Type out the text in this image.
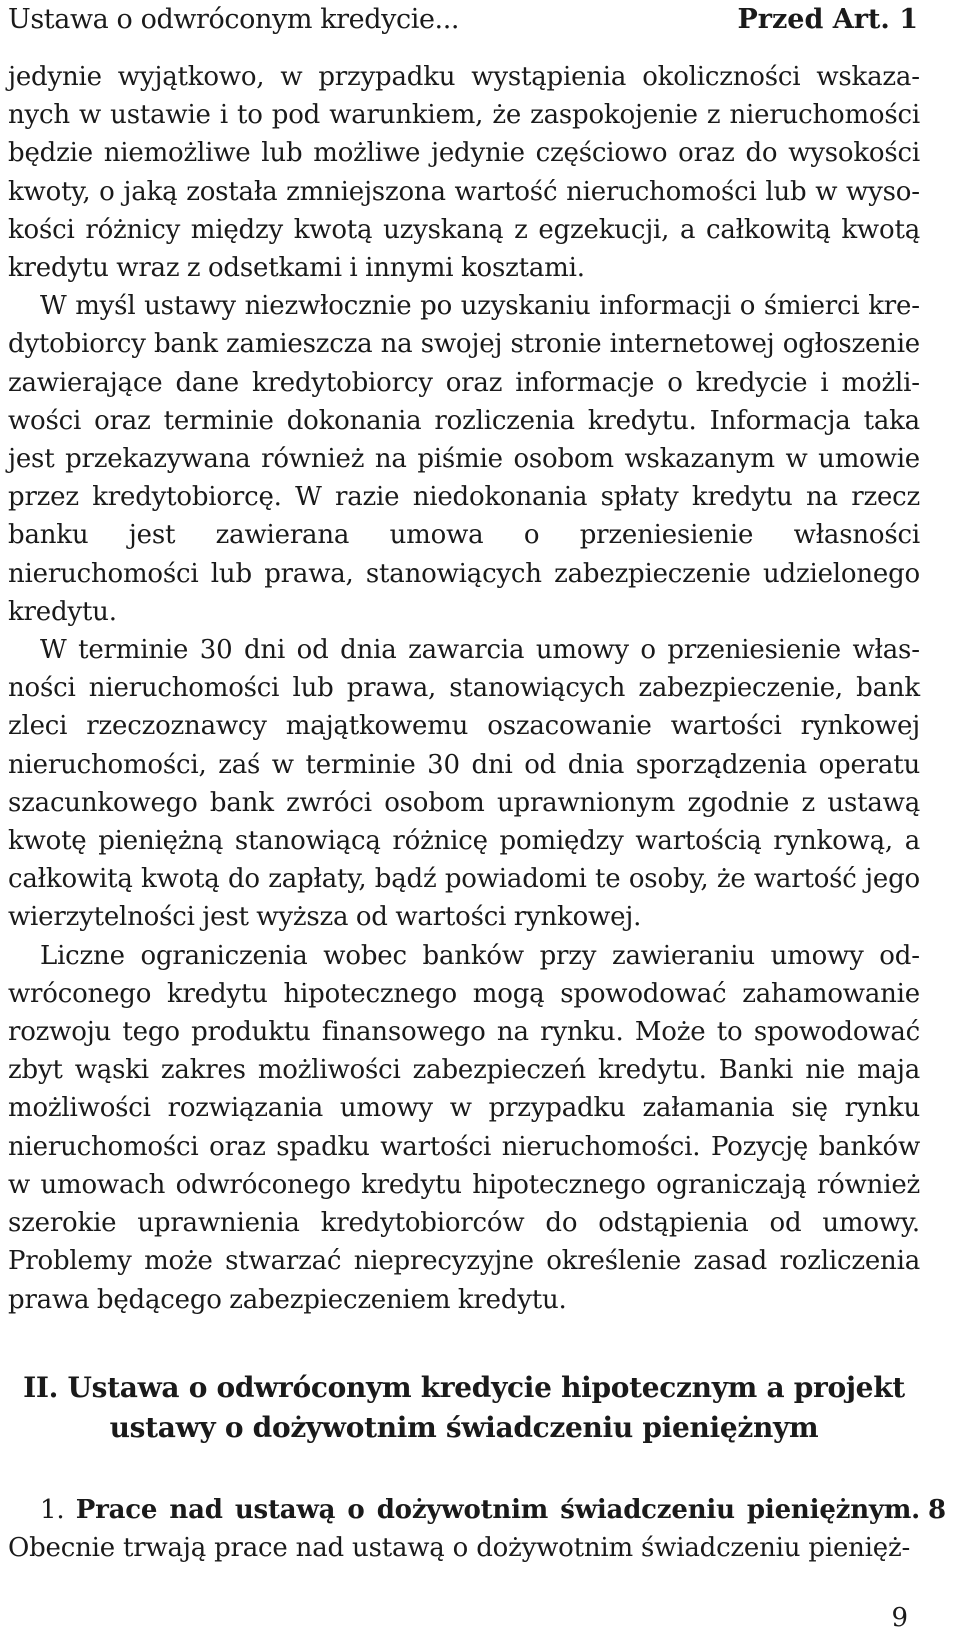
Ustawa o odwróconym kredycie...	Przed Art. 1

jedynie wyjątkowo, w przypadku wystąpienia okoliczności wskazanych w ustawie i to pod warunkiem, że zaspokojenie z nieruchomości będzie niemożliwe lub możliwe jedynie częściowo oraz do wysokości kwoty, o jaką została zmniejszona wartość nieruchomości lub w wysokości różnicy między kwotą uzyskaną z egzekucji, a całkowitą kwotą kredytu wraz z odsetkami i innymi kosztami.

W myśl ustawy niezwłocznie po uzyskaniu informacji o śmierci kredytobiorcy bank zamieszcza na swojej stronie internetowej ogłoszenie zawierające dane kredytobiorcy oraz informacje o kredycie i możliwości oraz terminie dokonania rozliczenia kredytu. Informacja taka jest przekazywana również na piśmie osobom wskazanym w umowie przez kredytobiorcę. W razie niedokonania spłaty kredytu na rzecz banku jest zawierana umowa o przeniesienie własności nieruchomości lub prawa, stanowiących zabezpieczenie udzielonego kredytu.

W terminie 30 dni od dnia zawarcia umowy o przeniesienie własności nieruchomości lub prawa, stanowiących zabezpieczenie, bank zleci rzeczoznawcy majątkowemu oszacowanie wartości rynkowej nieruchomości, zaś w terminie 30 dni od dnia sporządzenia operatu szacunkowego bank zwróci osobom uprawnionym zgodnie z ustawą kwotę pieniężną stanowiącą różnicę pomiędzy wartością rynkową, a całkowitą kwotą do zapłaty, bądź powiadomi te osoby, że wartość jego wierzytelności jest wyższa od wartości rynkowej.

Liczne ograniczenia wobec banków przy zawieraniu umowy odwróconego kredytu hipotecznego mogą spowodować zahamowanie rozwoju tego produktu finansowego na rynku. Może to spowodować zbyt wąski zakres możliwości zabezpieczeń kredytu. Banki nie maja możliwości rozwiązania umowy w przypadku załamania się rynku nieruchomości oraz spadku wartości nieruchomości. Pozycję banków w umowach odwróconego kredytu hipotecznego ograniczają również szerokie uprawnienia kredytobiorców do odstąpienia od umowy. Problemy może stwarzać nieprecyzyjne określenie zasad rozliczenia prawa będącego zabezpieczeniem kredytu.

II. Ustawa o odwróconym kredycie hipotecznym a projekt
ustawy o dożywotnim świadczeniu pieniężnym

1. Prace nad ustawą o dożywotnim świadczeniu pieniężnym. Obecnie trwają prace nad ustawą o dożywotnim świadczeniu pienięż-

9
8
